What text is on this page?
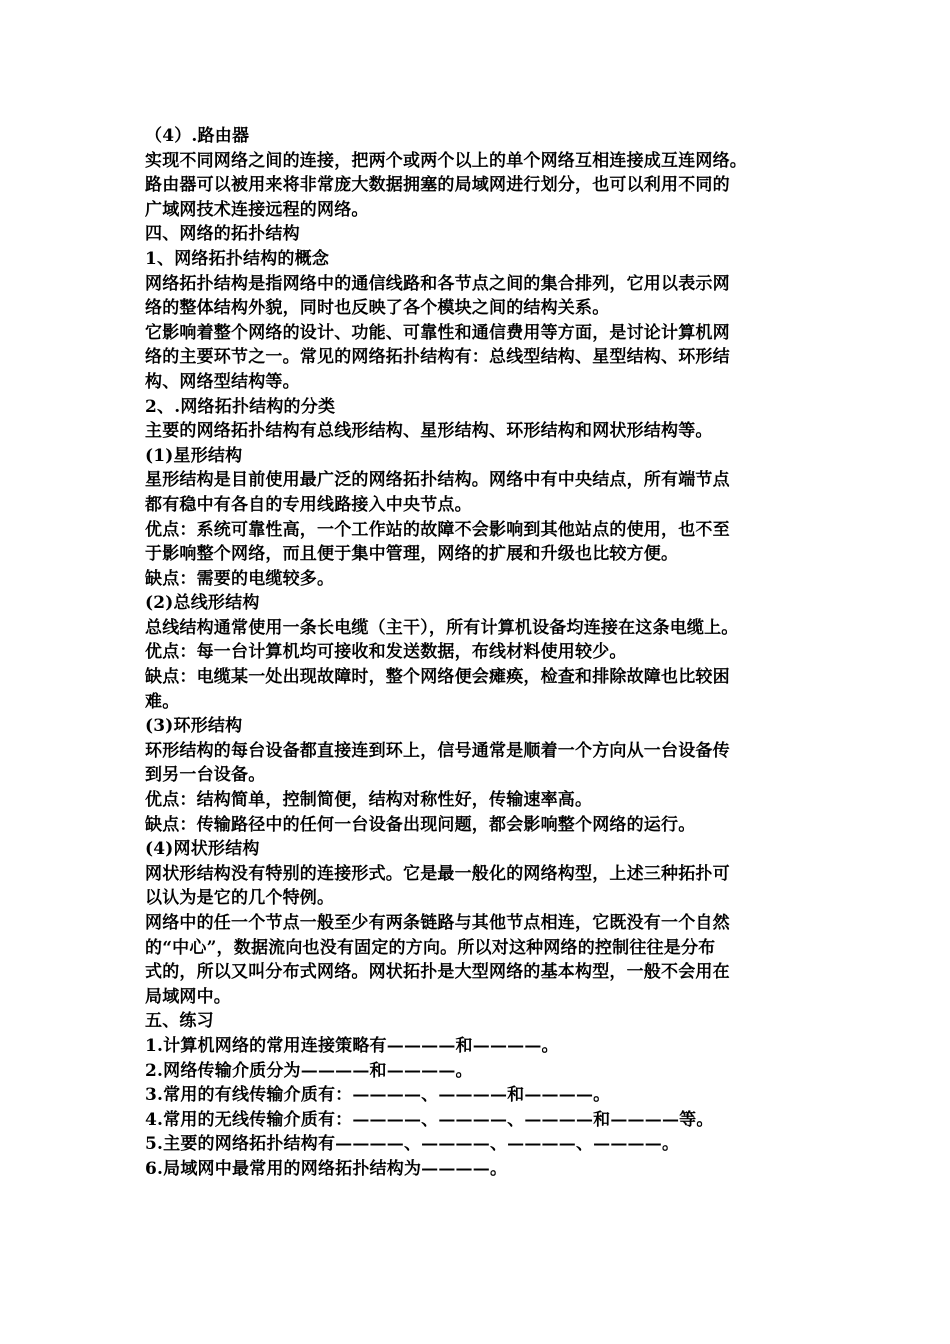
（4）.路由器
实现不同网络之间的连接，把两个或两个以上的单个网络互相连接成互连网络。
路由器可以被用来将非常庞大数据拥塞的局域网进行划分，也可以利用不同的
广域网技术连接远程的网络。
四、网络的拓扑结构
1、网络拓扑结构的概念
网络拓扑结构是指网络中的通信线路和各节点之间的集合排列，它用以表示网
络的整体结构外貌，同时也反映了各个模块之间的结构关系。
它影响着整个网络的设计、功能、可靠性和通信费用等方面，是讨论计算机网
络的主要环节之一。常见的网络拓扑结构有：总线型结构、星型结构、环形结
构、网络型结构等。
2、.网络拓扑结构的分类
主要的网络拓扑结构有总线形结构、星形结构、环形结构和网状形结构等。
(1)星形结构
星形结构是目前使用最广泛的网络拓扑结构。网络中有中央结点，所有端节点
都有稳中有各自的专用线路接入中央节点。
优点：系统可靠性高，一个工作站的故障不会影响到其他站点的使用，也不至
于影响整个网络，而且便于集中管理，网络的扩展和升级也比较方便。
缺点：需要的电缆较多。
(2)总线形结构
总线结构通常使用一条长电缆（主干），所有计算机设备均连接在这条电缆上。
优点：每一台计算机均可接收和发送数据，布线材料使用较少。
缺点：电缆某一处出现故障时，整个网络便会瘫痪，检查和排除故障也比较困
难。
(3)环形结构
环形结构的每台设备都直接连到环上，信号通常是顺着一个方向从一台设备传
到另一台设备。
优点：结构简单，控制简便，结构对称性好，传输速率高。
缺点：传输路径中的任何一台设备出现问题，都会影响整个网络的运行。
(4)网状形结构
网状形结构没有特别的连接形式。它是最一般化的网络构型，上述三种拓扑可
以认为是它的几个特例。
网络中的任一个节点一般至少有两条链路与其他节点相连，它既没有一个自然
的“中心”，数据流向也没有固定的方向。所以对这种网络的控制往往是分布
式的，所以又叫分布式网络。网状拓扑是大型网络的基本构型，一般不会用在
局域网中。
五、练习
1.计算机网络的常用连接策略有————和————。
2.网络传输介质分为————和————。
3.常用的有线传输介质有：————、————和————。
4.常用的无线传输介质有：————、————、————和————等。
5.主要的网络拓扑结构有————、————、————、————。
6.局域网中最常用的网络拓扑结构为————。
